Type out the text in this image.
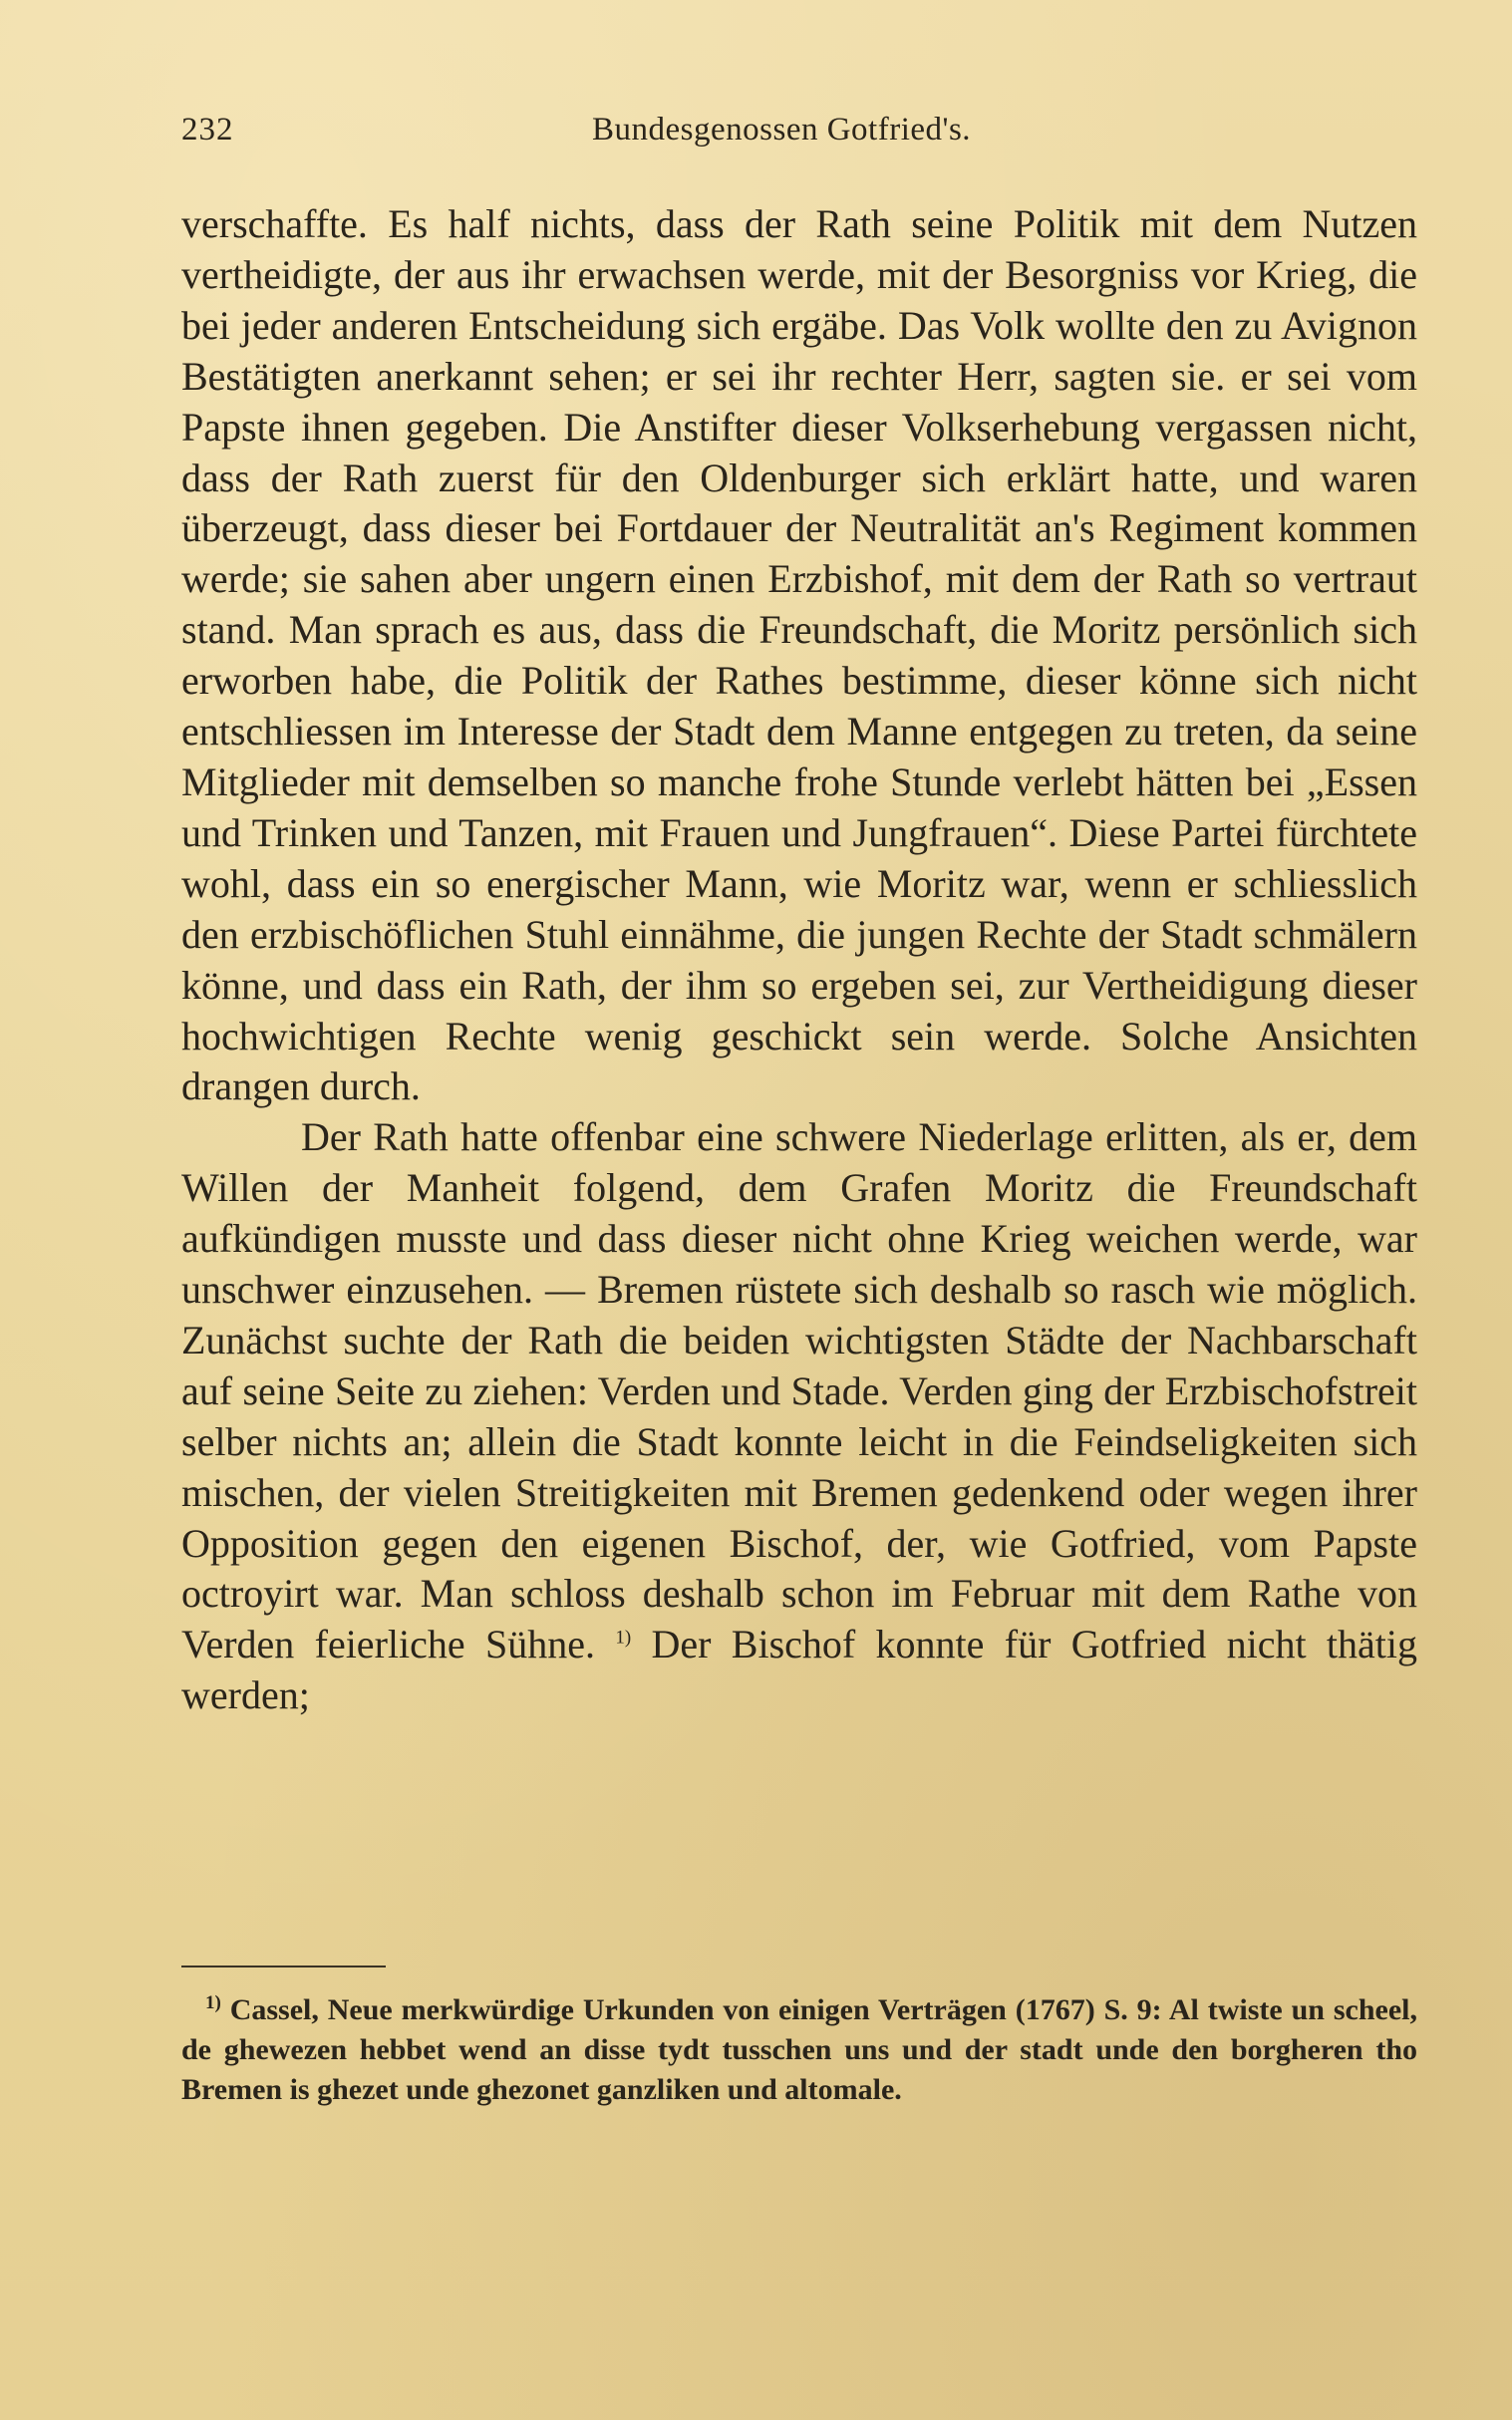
232	Bundesgenossen Gotfried's.

verschaffte. Es half nichts, dass der Rath seine Politik mit dem Nutzen vertheidigte, der aus ihr erwachsen werde, mit der Besorgniss vor Krieg, die bei jeder anderen Entscheidung sich ergäbe. Das Volk wollte den zu Avignon Bestätigten anerkannt sehen; er sei ihr rechter Herr, sagten sie. er sei vom Papste ihnen gegeben. Die Anstifter dieser Volkserhebung vergassen nicht, dass der Rath zuerst für den Oldenburger sich erklärt hatte, und waren überzeugt, dass dieser bei Fortdauer der Neutralität an's Regiment kommen werde; sie sahen aber ungern einen Erzbishof, mit dem der Rath so vertraut stand. Man sprach es aus, dass die Freundschaft, die Moritz persönlich sich erworben habe, die Politik der Rathes bestimme, dieser könne sich nicht entschliessen im Interesse der Stadt dem Manne entgegen zu treten, da seine Mitglieder mit demselben so manche frohe Stunde verlebt hätten bei „Essen und Trinken und Tanzen, mit Frauen und Jungfrauen“. Diese Partei fürchtete wohl, dass ein so energischer Mann, wie Moritz war, wenn er schliesslich den erzbischöflichen Stuhl einnähme, die jungen Rechte der Stadt schmälern könne, und dass ein Rath, der ihm so ergeben sei, zur Vertheidigung dieser hochwichtigen Rechte wenig geschickt sein werde. Solche Ansichten drangen durch.

Der Rath hatte offenbar eine schwere Niederlage erlitten, als er, dem Willen der Manheit folgend, dem Grafen Moritz die Freundschaft aufkündigen musste und dass dieser nicht ohne Krieg weichen werde, war unschwer einzusehen. — Bremen rüstete sich deshalb so rasch wie möglich. Zunächst suchte der Rath die beiden wichtigsten Städte der Nachbarschaft auf seine Seite zu ziehen: Verden und Stade. Verden ging der Erzbischofstreit selber nichts an; allein die Stadt konnte leicht in die Feindseligkeiten sich mischen, der vielen Streitigkeiten mit Bremen gedenkend oder wegen ihrer Opposition gegen den eigenen Bischof, der, wie Gotfried, vom Papste octroyirt war. Man schloss deshalb schon im Februar mit dem Rathe von Verden feierliche Sühne. $^{1)}$ Der Bischof konnte für Gotfried nicht thätig werden;

$^{1)}$ Cassel, Neue merkwürdige Urkunden von einigen Verträgen (1767) S. 9: Al twiste un scheel, de ghewezen hebbet wend an disse tydt tusschen uns und der stadt unde den borgheren tho Bremen is ghezet unde ghezonet ganzliken und altomale.
